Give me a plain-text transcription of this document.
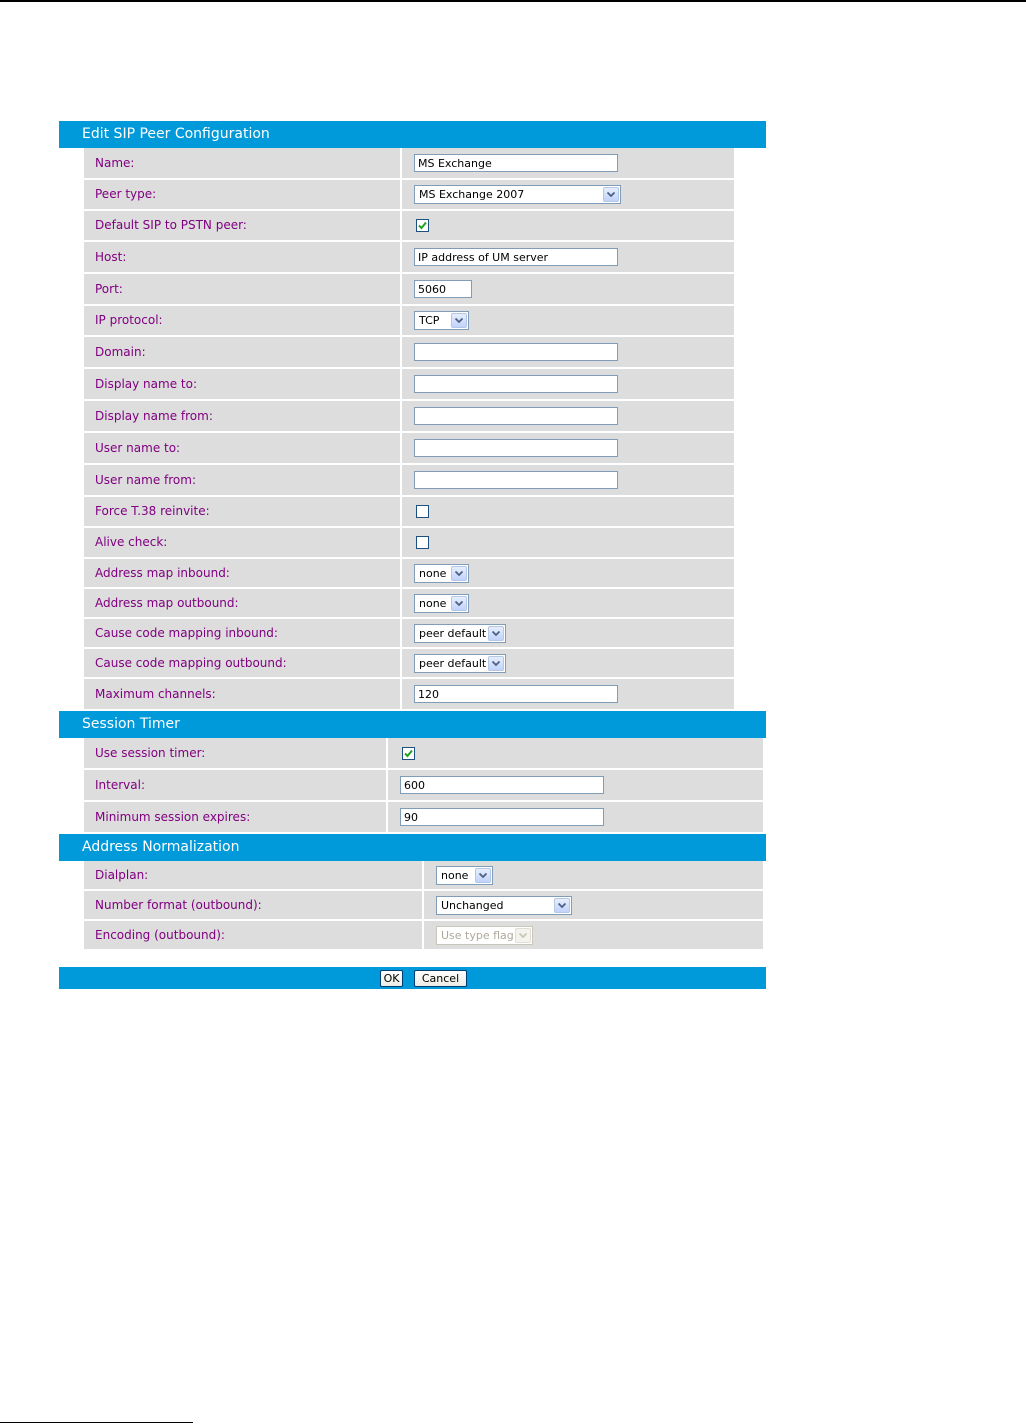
Edit SIP Peer Configuration
Name:
MS Exchange
Peer type:	MS Exchange 2007
Default SIP to PSTN peer:
Host:
IP address of UM server
Port:
5060
IP protocol:	TCP
Domain:
Display name to:
Display name from:
User name to:
User name from:
Force T.38 reinvite:
Alive check:
Address map inbound:	none
Address map outbound:	none
Cause code mapping inbound:	peer default
Cause code mapping outbound:	peer default
Maximum channels:
120
Session Timer
Use session timer:
Interval:
600
Minimum session expires:
90
Address Normalization
Dialplan:	none
Number format (outbound):	Unchanged
Encoding (outbound):	Use type flag
OK	Cancel
